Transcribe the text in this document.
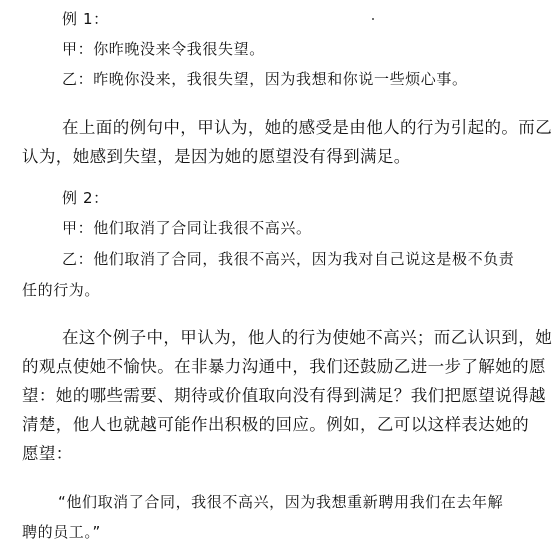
例 1：
甲：你昨晚没来令我很失望。
乙：昨晚你没来，我很失望，因为我想和你说一些烦心事。
在上面的例句中，甲认为，她的感受是由他人的行为引起的。而乙
认为，她感到失望，是因为她的愿望没有得到满足。
例 2：
甲：他们取消了合同让我很不高兴。
乙：他们取消了合同，我很不高兴，因为我对自己说这是极不负责
任的行为。
在这个例子中，甲认为，他人的行为使她不高兴；而乙认识到，她
的观点使她不愉快。在非暴力沟通中，我们还鼓励乙进一步了解她的愿
望：她的哪些需要、期待或价值取向没有得到满足？我们把愿望说得越
清楚，他人也就越可能作出积极的回应。例如，乙可以这样表达她的
愿望：
“他们取消了合同，我很不高兴，因为我想重新聘用我们在去年解
聘的员工。”
